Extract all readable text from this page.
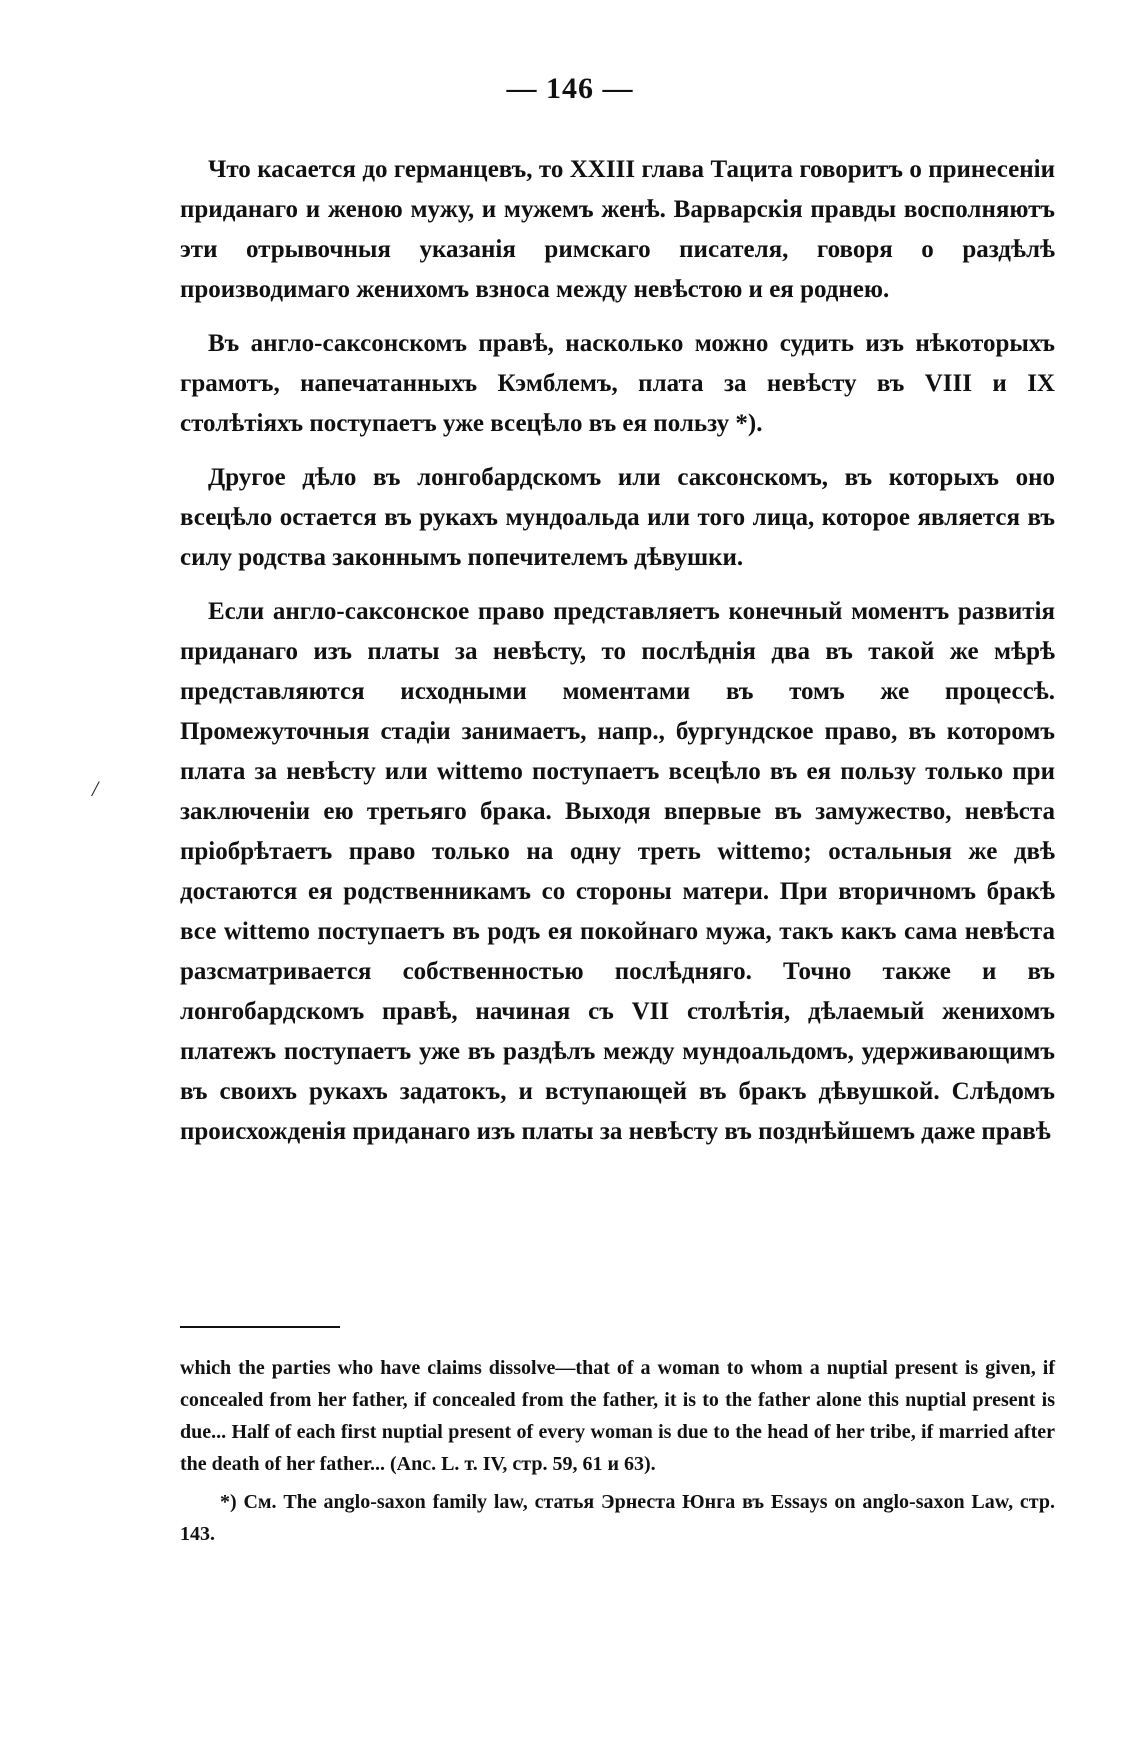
— 146 —
/

Что касается до германцевъ, то XXIII глава Тацита говоритъ о принесеніи приданаго и женою мужу, и мужемъ женѣ. Варварскія правды восполняютъ эти отрывочныя указанія римскаго писателя, говоря о раздѣлѣ производимаго женихомъ взноса между невѣстою и ея роднею.

Въ англо-саксонскомъ правѣ, насколько можно судить изъ нѣкоторыхъ грамотъ, напечатанныхъ Кэмблемъ, плата за невѣсту въ VIII и IX столѣтіяхъ поступаетъ уже всецѣло въ ея пользу *).

Другое дѣло въ лонгобардскомъ или саксонскомъ, въ которыхъ оно всецѣло остается въ рукахъ мундоальда или того лица, которое является въ силу родства законнымъ попечителемъ дѣвушки.

Если англо-саксонское право представляетъ конечный моментъ развитія приданаго изъ платы за невѣсту, то послѣднія два въ такой же мѣрѣ представляются исходными моментами въ томъ же процессѣ. Промежуточныя стадіи занимаетъ, напр., бургундское право, въ которомъ плата за невѣсту или wittemo поступаетъ всецѣло въ ея пользу только при заключеніи ею третьяго брака. Выходя впервые въ замужество, невѣста пріобрѣтаетъ право только на одну треть wittemo; остальныя же двѣ достаются ея родственникамъ со стороны матери. При вторичномъ бракѣ все wittemo поступаетъ въ родъ ея покойнаго мужа, такъ какъ сама невѣста разсматривается собственностью послѣдняго. Точно также и въ лонгобардскомъ правѣ, начиная съ VII столѣтія, дѣлаемый женихомъ платежъ поступаетъ уже въ раздѣлъ между мундоальдомъ, удерживающимъ въ своихъ рукахъ задатокъ, и вступающей въ бракъ дѣвушкой. Слѣдомъ происхожденія приданаго изъ платы за невѣсту въ позднѣйшемъ даже правѣ

which the parties who have claims dissolve—that of a woman to whom a nuptial present is given, if concealed from her father, if concealed from the father, it is to the father alone this nuptial present is due... Half of each first nuptial present of every woman is due to the head of her tribe, if married after the death of her father... (Anc. L. т. IV, стр. 59, 61 и 63).

*) См. The anglo-saxon family law, статья Эрнеста Юнга въ Essays on anglo-saxon Law, стр. 143.
